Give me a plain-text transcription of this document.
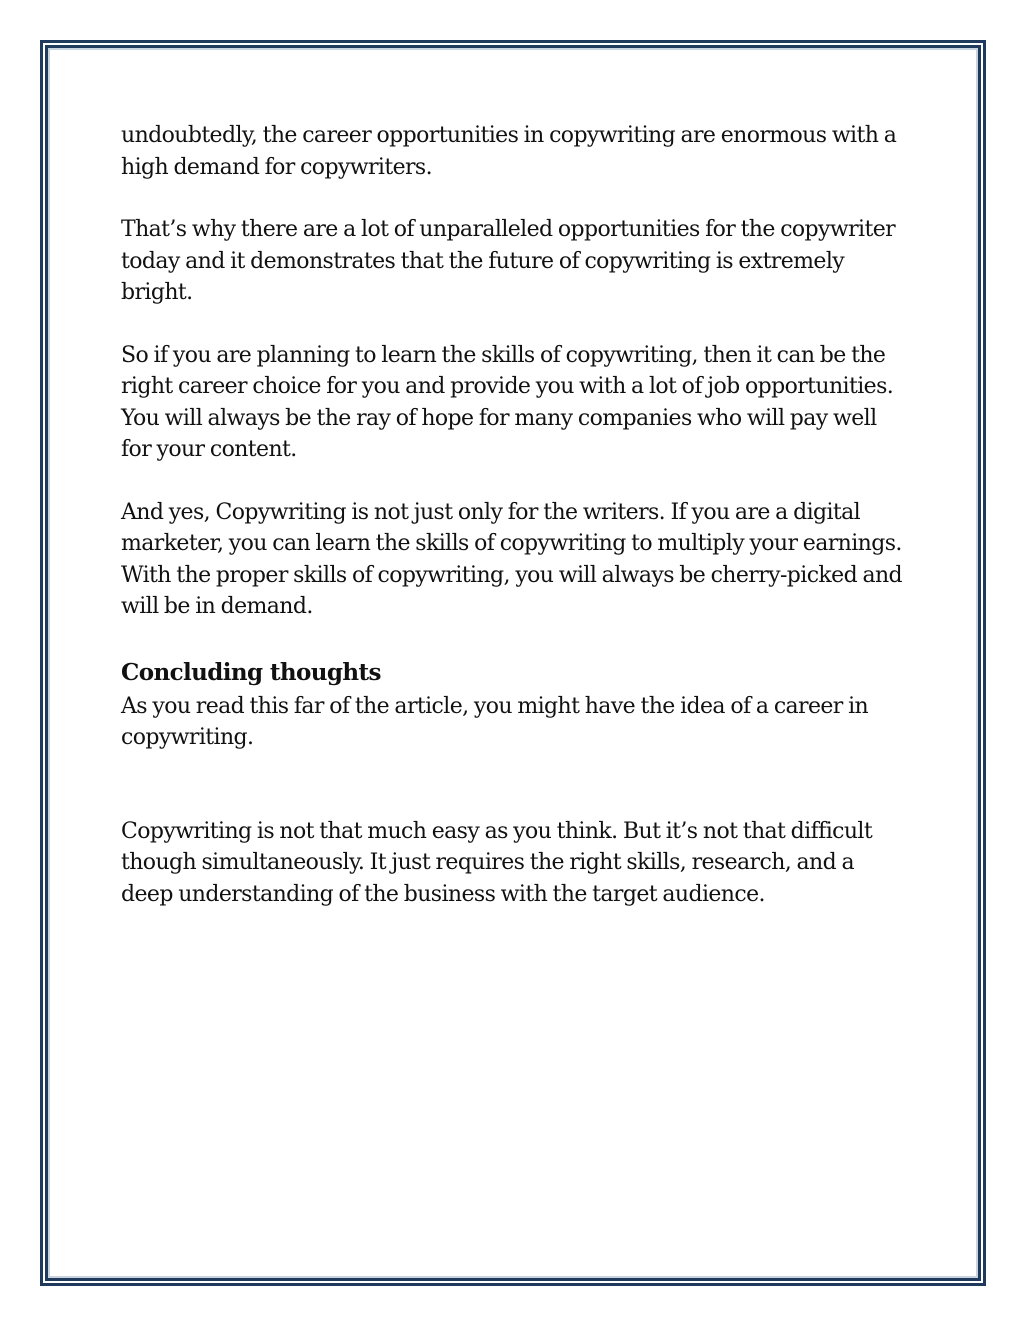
undoubtedly, the career opportunities in copywriting are enormous with a high demand for copywriters.

That’s why there are a lot of unparalleled opportunities for the copywriter today and it demonstrates that the future of copywriting is extremely bright.

So if you are planning to learn the skills of copywriting, then it can be the right career choice for you and provide you with a lot of job opportunities. You will always be the ray of hope for many companies who will pay well for your content.

And yes, Copywriting is not just only for the writers. If you are a digital marketer, you can learn the skills of copywriting to multiply your earnings. With the proper skills of copywriting, you will always be cherry-picked and will be in demand.

Concluding thoughts

As you read this far of the article, you might have the idea of a career in copywriting.

Copywriting is not that much easy as you think. But it’s not that difficult though simultaneously. It just requires the right skills, research, and a deep understanding of the business with the target audience.
